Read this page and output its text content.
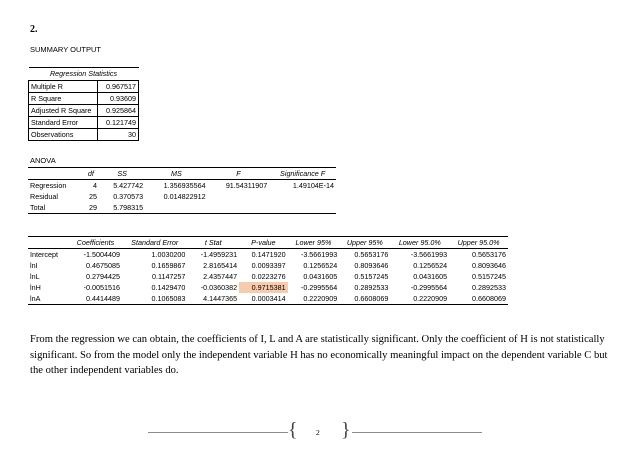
2.
SUMMARY OUTPUT
Regression Statistics	
Multiple R	0.967517
R Square	0.93609
Adjusted R Square	0.925864
Standard Error	0.121749
Observations	30
ANOVA
	df	SS	MS	F	Significance F
Regression	4	5.427742	1.356935564	91.54311907	1.49104E-14
Residual	25	0.370573	0.014822912		
Total	29	5.798315			
	Coefficients	Standard Error	t Stat	P-value	Lower 95%	Upper 95%	Lower 95.0%	Upper 95.0%
Intercept	-1.5004409	1.0030200	-1.4959231	0.1471920	-3.5661993	0.5653176	-3.5661993	0.5653176
lnI	0.4675085	0.1659867	2.8165414	0.0093397	0.1256524	0.8093646	0.1256524	0.8093646
lnL	0.2794425	0.1147257	2.4357447	0.0223276	0.0431605	0.5157245	0.0431605	0.5157245
lnH	-0.0051516	0.1429470	-0.0360382	0.9715381	-0.2995564	0.2892533	-0.2995564	0.2892533
lnA	0.4414489	0.1065083	4.1447365	0.0003414	0.2220909	0.6608069	0.2220909	0.6608069
From the regression we can obtain, the coefficients of I, L and A are statistically significant. Only the coefficient of H is not statistically significant. So from the model only the independent variable H has no economically meaningful impact on the dependent variable C but the other independent variables do.
{ 2 }
